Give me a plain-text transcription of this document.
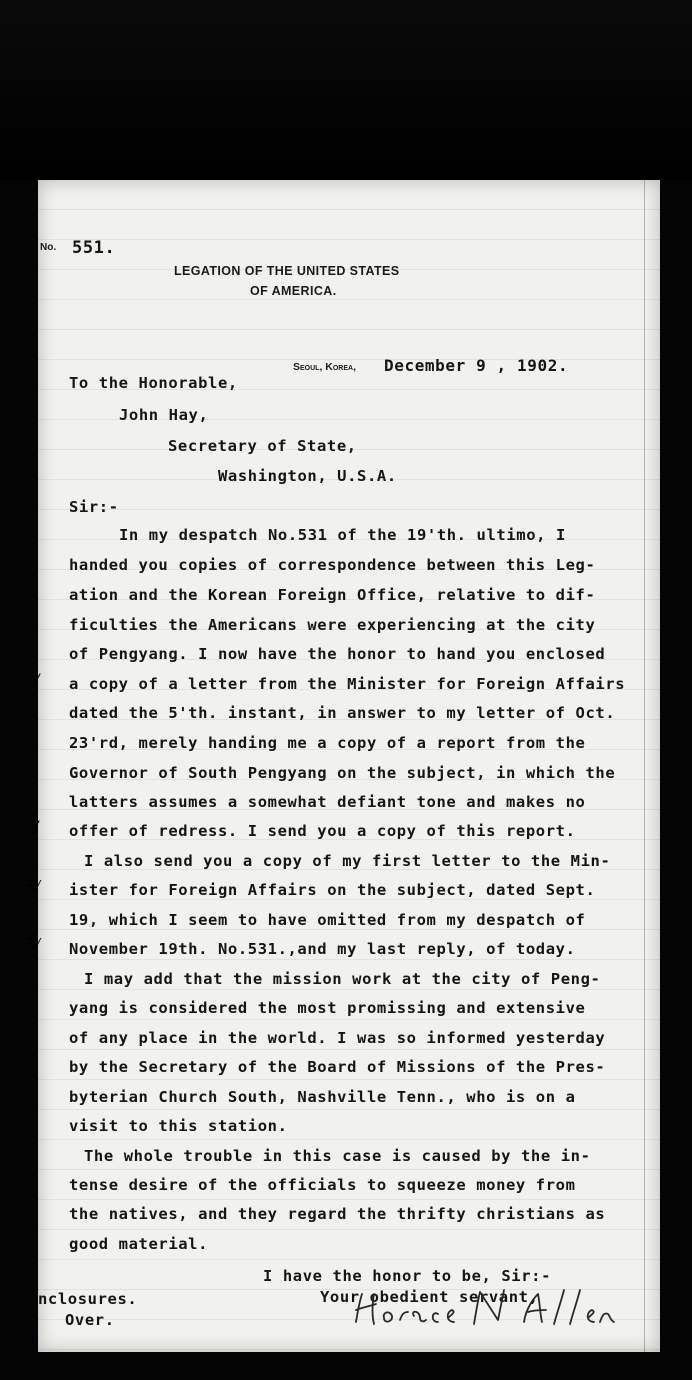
No. 551.
LEGATION OF THE UNITED STATES
OF AMERICA.
Seoul, Korea, December 9 , 1902.
To the Honorable,
John Hay,
Secretary of State,
Washington, U.S.A.
Sir:-
In my despatch No.531 of the 19'th. ultimo, I
handed you copies of correspondence between this Leg-
ation and the Korean Foreign Office, relative to dif-
ficulties the Americans were experiencing at the city
of Pengyang. I now have the honor to hand you enclosed
a copy of a letter from the Minister for Foreign Affairs
dated the 5'th. instant, in answer to my letter of Oct.
23'rd, merely handing me a copy of a report from the
Governor of South Pengyang on the subject, in which the
latters assumes a somewhat defiant tone and makes no
offer of redress. I send you a copy of this report.
I also send you a copy of my first letter to the Min-
ister for Foreign Affairs on the subject, dated Sept.
19, which I seem to have omitted from my despatch of
November 19th. No.531.,and my last reply, of today.
I may add that the mission work at the city of Peng-
yang is considered the most promissing and extensive
of any place in the world. I was so informed yesterday
by the Secretary of the Board of Missions of the Pres-
byterian Church South, Nashville Tenn., who is on a
visit to this station.
The whole trouble in this case is caused by the in-
tense desire of the officials to squeeze money from
the natives, and they regard the thrifty christians as
good material.
I have the honor to be, Sir:-
Your obedient servant,
nclosures.
Over.
/
/
5/
5/
